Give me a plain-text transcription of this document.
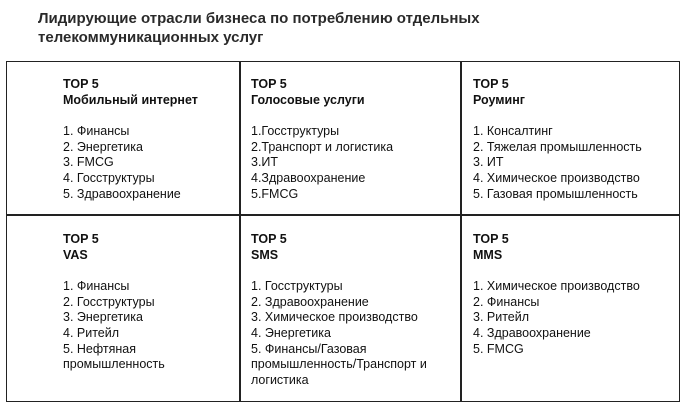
Лидирующие отрасли бизнеса по потреблению отдельных телекоммуникационных услуг
TOP 5
Мобильный интернет
1. Финансы
2. Энергетика
3. FMCG
4. Госструктуры
5. Здравоохранение
TOP 5
Голосовые услуги
1.Госструктуры
2.Транспорт и логистика
3.ИТ
4.Здравоохранение
5.FMCG
TOP 5
Роуминг
1. Консалтинг
2. Тяжелая промышленность
3. ИТ
4. Химическое производство
5. Газовая промышленность
TOP 5
VAS
1. Финансы
2. Госструктуры
3. Энергетика
4. Ритейл
5. Нефтяная
промышленность
TOP 5
SMS
1. Госструктуры
2. Здравоохранение
3. Химическое производство
4. Энергетика
5. Финансы/Газовая
промышленность/Транспорт и
логистика
TOP 5
MMS
1. Химическое производство
2. Финансы
3. Ритейл
4. Здравоохранение
5. FMCG
